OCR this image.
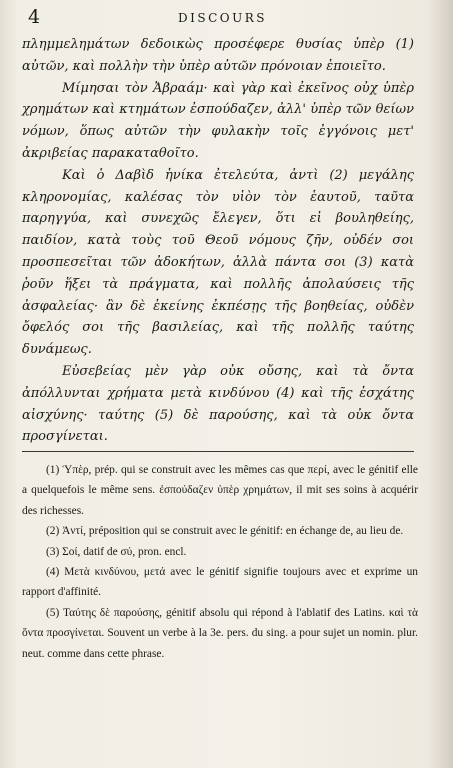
4	DISCOURS

πλημμελημάτων δεδοικὼς προσέφερε θυσίας ὑπὲρ (1) αὐτῶν, καὶ πολλὴν τὴν ὑπὲρ αὐτῶν πρόνοιαν ἐποιεῖτο.

Μίμησαι τὸν Ἀβραάμ· καὶ γὰρ καὶ ἐκεῖνος οὐχ ὑπὲρ χρημάτων καὶ κτημάτων ἐσπούδαζεν, ἀλλ' ὑπὲρ τῶν θείων νόμων, ὅπως αὐτῶν τὴν φυλακὴν τοῖς ἐγγόνοις μετ' ἀκριβείας παρακαταθοῖτο.

Καὶ ὁ Δαβὶδ ἡνίκα ἐτελεύτα, ἀντὶ (2) μεγάλης κληρονομίας, καλέσας τὸν υἱὸν τὸν ἑαυτοῦ, ταῦτα παρηγγύα, καὶ συνεχῶς ἔλεγεν, ὅτι εἰ βουληθείης, παιδίον, κατὰ τοὺς τοῦ Θεοῦ νόμους ζῆν, οὐδέν σοι προσπεσεῖται τῶν ἀδοκήτων, ἀλλὰ πάντα σοι (3) κατὰ ῥοῦν ἥξει τὰ πράγματα, καὶ πολλῆς ἀπολαύσεις τῆς ἀσφαλείας· ἂν δὲ ἐκείνης ἐκπέσῃς τῆς βοηθείας, οὐδὲν ὄφελός σοι τῆς βασιλείας, καὶ τῆς πολλῆς ταύτης δυνάμεως.

Εὐσεβείας μὲν γὰρ οὐκ οὔσης, καὶ τὰ ὄντα ἀπόλλυνται χρήματα μετὰ κινδύνου (4) καὶ τῆς ἐσχάτης αἰσχύνης· ταύτης (5) δὲ παρούσης, καὶ τὰ οὐκ ὄντα προσγίνεται.

(1) Ὑπὲρ, prép. qui se construit avec les mêmes cas que περί, avec le génitif elle a quelquefois le même sens. ἐσπούδαζεν ὑπὲρ χρημάτων, il mit ses soins à acquérir des richesses.

(2) Ἀντί, préposition qui se construit avec le génitif: en échange de, au lieu de.

(3) Σοί, datif de σύ, pron. encl.

(4) Μετὰ κινδύνου, μετά avec le génitif signifie toujours avec et exprime un rapport d'affinité.

(5) Ταύτης δὲ παρούσης, génitif absolu qui répond à l'ablatif des Latins. καὶ τὰ ὄντα προσγίνεται. Souvent un verbe à la 3e. pers. du sing. a pour sujet un nomin. plur. neut. comme dans cette phrase.
